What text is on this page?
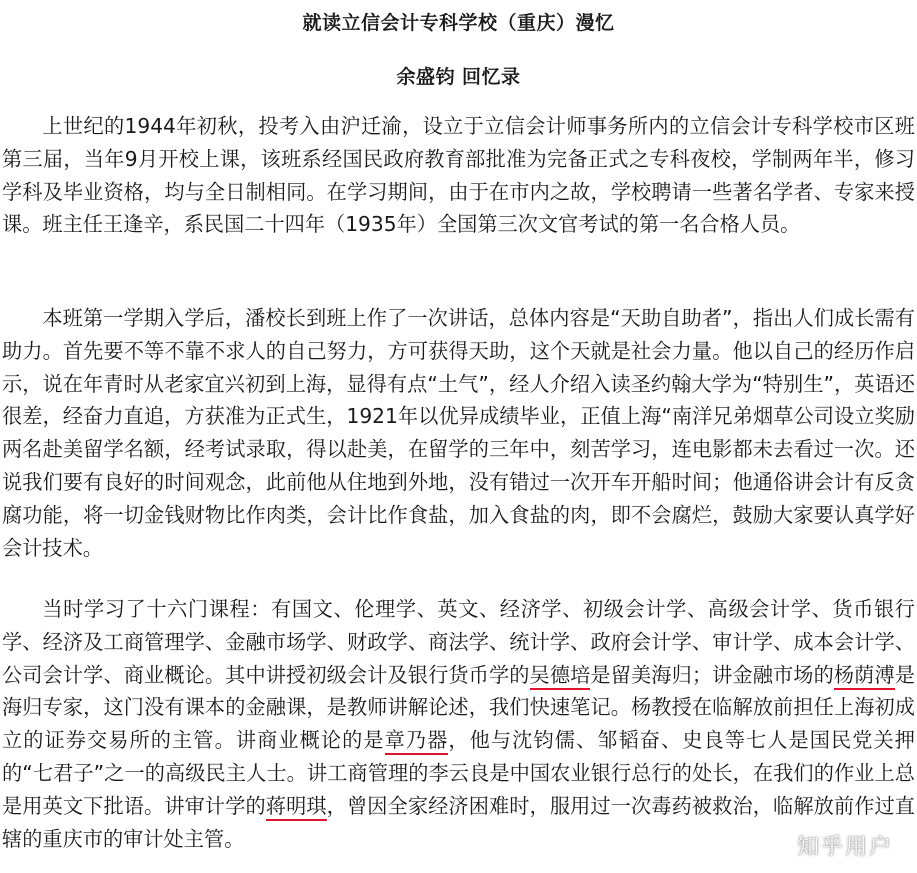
就读立信会计专科学校（重庆）漫忆
余盛钧 回忆录

上世纪的1944年初秋，投考入由沪迁渝，设立于立信会计师事务所内的立信会计专科学校市区班第三届，当年9月开校上课，该班系经国民政府教育部批准为完备正式之专科夜校，学制两年半，修习学科及毕业资格，均与全日制相同。在学习期间，由于在市内之故，学校聘请一些著名学者、专家来授课。班主任王逢辛，系民国二十四年（1935年）全国第三次文官考试的第一名合格人员。

本班第一学期入学后，潘校长到班上作了一次讲话，总体内容是“天助自助者”，指出人们成长需有助力。首先要不等不靠不求人的自己努力，方可获得天助，这个天就是社会力量。他以自己的经历作启示，说在年青时从老家宜兴初到上海，显得有点“土气”，经人介绍入读圣约翰大学为“特别生”，英语还很差，经奋力直追，方获准为正式生，1921年以优异成绩毕业，正值上海“南洋兄弟烟草公司设立奖励两名赴美留学名额，经考试录取，得以赴美，在留学的三年中，刻苦学习，连电影都未去看过一次。还说我们要有良好的时间观念，此前他从住地到外地，没有错过一次开车开船时间；他通俗讲会计有反贪腐功能，将一切金钱财物比作肉类，会计比作食盐，加入食盐的肉，即不会腐烂，鼓励大家要认真学好会计技术。

当时学习了十六门课程：有国文、伦理学、英文、经济学、初级会计学、高级会计学、货币银行学、经济及工商管理学、金融市场学、财政学、商法学、统计学、政府会计学、审计学、成本会计学、公司会计学、商业概论。其中讲授初级会计及银行货币学的吴德培是留美海归；讲金融市场的杨荫溥是海归专家，这门没有课本的金融课，是教师讲解论述，我们快速笔记。杨教授在临解放前担任上海初成立的证券交易所的主管。讲商业概论的是章乃器，他与沈钧儒、邹韬奋、史良等七人是国民党关押的“七君子”之一的高级民主人士。讲工商管理的李云良是中国农业银行总行的处长，在我们的作业上总是用英文下批语。讲审计学的蒋明琪，曾因全家经济困难时，服用过一次毒药被救治，临解放前作过直辖的重庆市的审计处主管。	知乎用户
